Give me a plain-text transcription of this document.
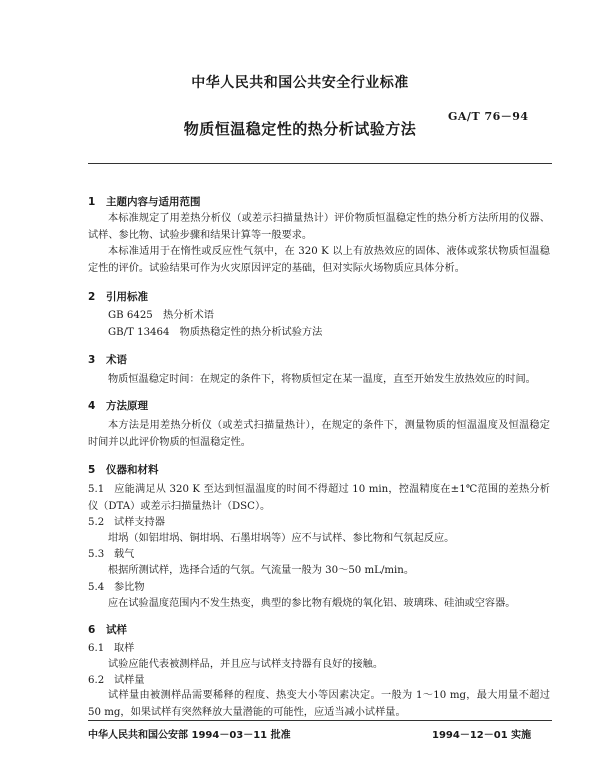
中华人民共和国公共安全行业标准
GA/T 76－94
物质恒温稳定性的热分析试验方法
1 主题内容与适用范围
本标准规定了用差热分析仪（或差示扫描量热计）评价物质恒温稳定性的热分析方法所用的仪器、试样、参比物、试验步骤和结果计算等一般要求。
本标准适用于在惰性或反应性气氛中，在 320 K 以上有放热效应的固体、液体或浆状物质恒温稳定性的评价。试验结果可作为火灾原因评定的基础，但对实际火场物质应具体分析。
2 引用标准
GB 6425　热分析术语
GB/T 13464　物质热稳定性的热分析试验方法
3 术语
物质恒温稳定时间：在规定的条件下，将物质恒定在某一温度，直至开始发生放热效应的时间。
4 方法原理
本方法是用差热分析仪（或差式扫描量热计），在规定的条件下，测量物质的恒温温度及恒温稳定时间并以此评价物质的恒温稳定性。
5 仪器和材料
5.1 应能满足从 320 K 至达到恒温温度的时间不得超过 10 min，控温精度在±1℃范围的差热分析仪（DTA）或差示扫描量热计（DSC）。
5.2 试样支持器
坩埚（如铝坩埚、铜坩埚、石墨坩埚等）应不与试样、参比物和气氛起反应。
5.3 载气
根据所测试样，选择合适的气氛。气流量一般为 30～50 mL/min。
5.4 参比物
应在试验温度范围内不发生热变，典型的参比物有煅烧的氧化铝、玻璃珠、硅油或空容器。
6 试样
6.1 取样
试验应能代表被测样品，并且应与试样支持器有良好的接触。
6.2 试样量
试样量由被测样品需要稀释的程度、热变大小等因素决定。一般为 1～10 mg，最大用量不超过 50 mg，如果试样有突然释放大量潜能的可能性，应适当减小试样量。
中华人民共和国公安部 1994－03－11 批准	1994－12－01 实施
